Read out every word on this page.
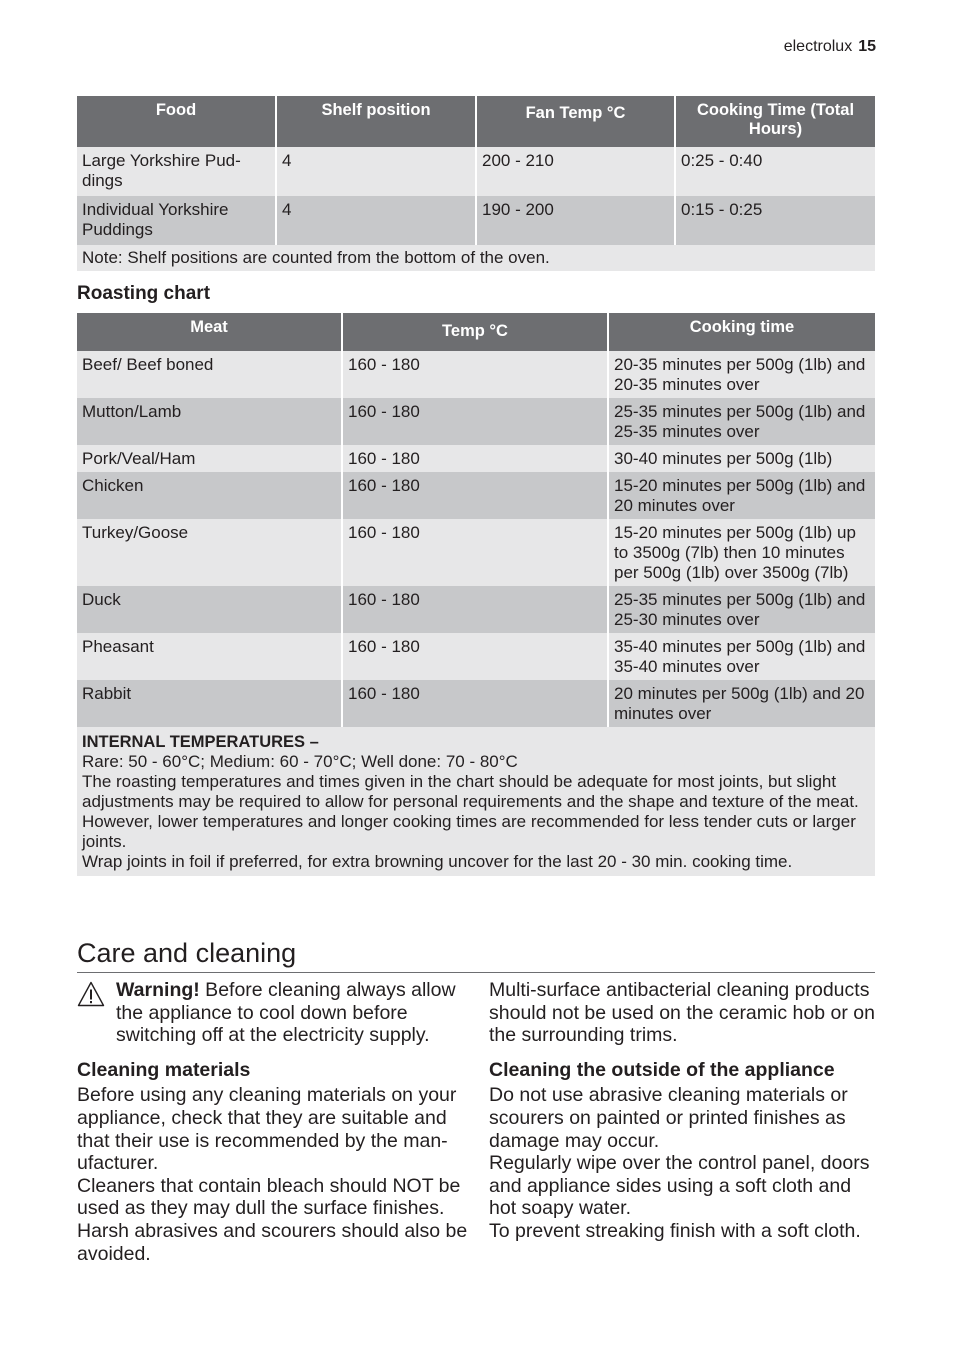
electrolux 15
Food	Shelf position	Fan Temp °C	Cooking Time (Total Hours)
Large Yorkshire Pud-dings	4	200 - 210	0:25 - 0:40
Individual Yorkshire Puddings	4	190 - 200	0:15 - 0:25
Note: Shelf positions are counted from the bottom of the oven.			
Roasting chart
Meat	Temp °C	Cooking time
Beef/ Beef boned	160 - 180	20-35 minutes per 500g (1lb) and 20-35 minutes over
Mutton/Lamb	160 - 180	25-35 minutes per 500g (1lb) and 25-35 minutes over
Pork/Veal/Ham	160 - 180	30-40 minutes per 500g (1lb)
Chicken	160 - 180	15-20 minutes per 500g (1lb) and 20 minutes over
Turkey/Goose	160 - 180	15-20 minutes per 500g (1lb) up to 3500g (7lb) then 10 minutes per 500g (1lb) over 3500g (7lb)
Duck	160 - 180	25-35 minutes per 500g (1lb) and 25-30 minutes over
Pheasant	160 - 180	35-40 minutes per 500g (1lb) and 35-40 minutes over
Rabbit	160 - 180	20 minutes per 500g (1lb) and 20 minutes over

INTERNAL TEMPERATURES –
Rare: 50 - 60°C; Medium: 60 - 70°C; Well done: 70 - 80°C
The roasting temperatures and times given in the chart should be adequate for most joints, but slight adjustments may be required to allow for personal requirements and the shape and texture of the meat. However, lower temperatures and longer cooking times are recommended for less tender cuts or larger joints.
Wrap joints in foil if preferred, for extra browning uncover for the last 20 - 30 min. cooking time.		
Care and cleaning

Warning! Before cleaning always allow the appliance to cool down before switching off at the electricity supply.

Cleaning materials

Before using any cleaning materials on your appliance, check that they are suitable and that their use is recommended by the man-ufacturer.

Cleaners that contain bleach should NOT be used as they may dull the surface finishes. Harsh abrasives and scourers should also be avoided.

Multi-surface antibacterial cleaning products should not be used on the ceramic hob or on the surrounding trims.

Cleaning the outside of the appliance

Do not use abrasive cleaning materials or scourers on painted or printed finishes as damage may occur.

Regularly wipe over the control panel, doors and appliance sides using a soft cloth and hot soapy water.

To prevent streaking finish with a soft cloth.
